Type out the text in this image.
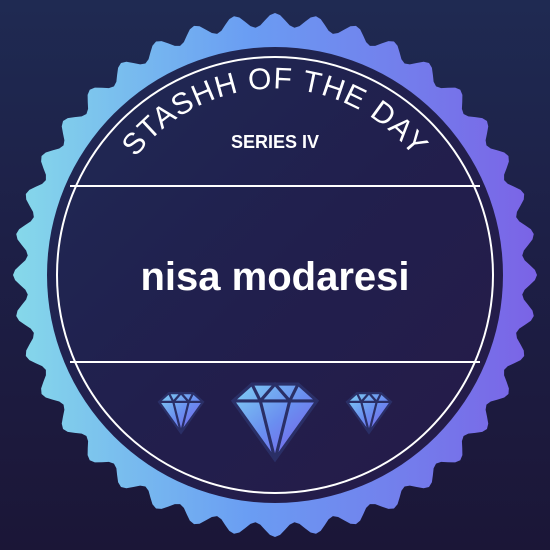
STASHH OF THE DAY
SERIES IV
nisa modaresi
